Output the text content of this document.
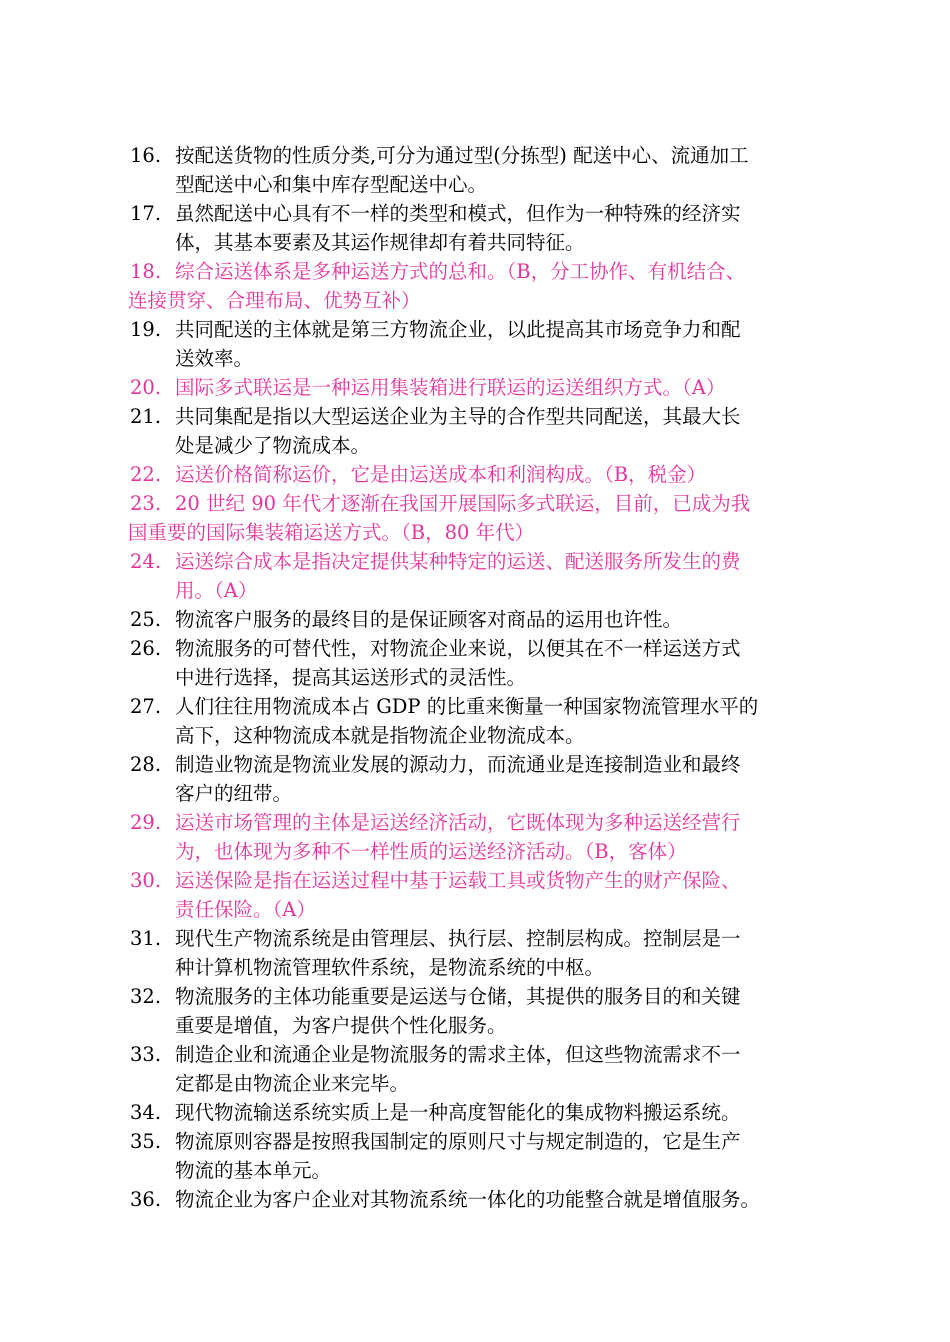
16. 按配送货物的性质分类,可分为通过型(分拣型) 配送中心、流通加工
型配送中心和集中库存型配送中心。
17. 虽然配送中心具有不一样的类型和模式，但作为一种特殊的经济实
体，其基本要素及其运作规律却有着共同特征。
18. 综合运送体系是多种运送方式的总和。（B，分工协作、有机结合、
连接贯穿、合理布局、优势互补）
19. 共同配送的主体就是第三方物流企业，以此提高其市场竞争力和配
送效率。
20. 国际多式联运是一种运用集装箱进行联运的运送组织方式。（A）
21. 共同集配是指以大型运送企业为主导的合作型共同配送，其最大长
处是减少了物流成本。
22. 运送价格简称运价，它是由运送成本和利润构成。（B，税金）
23. 20 世纪 90 年代才逐渐在我国开展国际多式联运，目前，已成为我
国重要的国际集装箱运送方式。（B，80 年代）
24. 运送综合成本是指决定提供某种特定的运送、配送服务所发生的费
用。（A）
25. 物流客户服务的最终目的是保证顾客对商品的运用也许性。
26. 物流服务的可替代性，对物流企业来说，以便其在不一样运送方式
中进行选择，提高其运送形式的灵活性。
27. 人们往往用物流成本占 GDP 的比重来衡量一种国家物流管理水平的
高下，这种物流成本就是指物流企业物流成本。
28. 制造业物流是物流业发展的源动力，而流通业是连接制造业和最终
客户的纽带。
29. 运送市场管理的主体是运送经济活动，它既体现为多种运送经营行
为，也体现为多种不一样性质的运送经济活动。（B，客体）
30. 运送保险是指在运送过程中基于运载工具或货物产生的财产保险、
责任保险。（A）
31. 现代生产物流系统是由管理层、执行层、控制层构成。控制层是一
种计算机物流管理软件系统，是物流系统的中枢。
32. 物流服务的主体功能重要是运送与仓储，其提供的服务目的和关键
重要是增值，为客户提供个性化服务。
33. 制造企业和流通企业是物流服务的需求主体，但这些物流需求不一
定都是由物流企业来完毕。
34. 现代物流输送系统实质上是一种高度智能化的集成物料搬运系统。
35. 物流原则容器是按照我国制定的原则尺寸与规定制造的，它是生产
物流的基本单元。
36. 物流企业为客户企业对其物流系统一体化的功能整合就是增值服务。
